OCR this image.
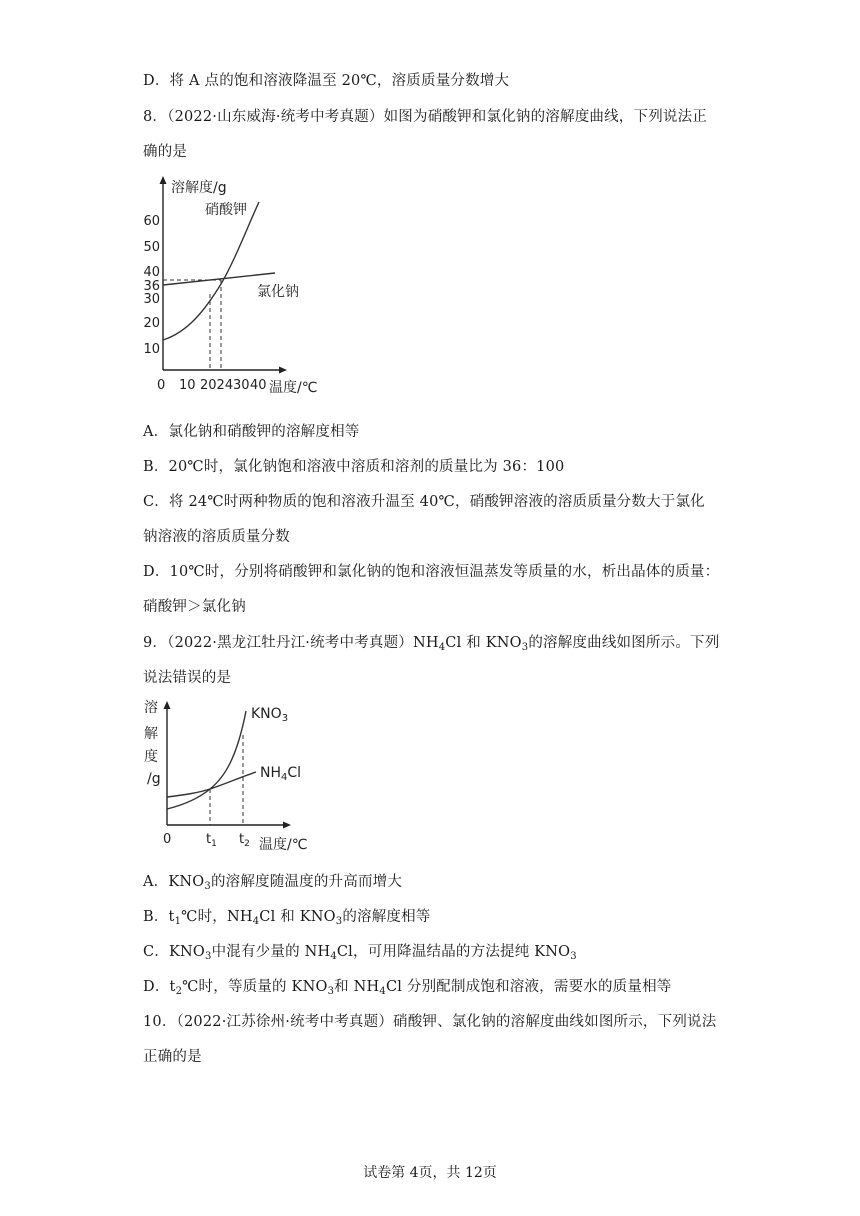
D．将 A 点的饱和溶液降温至 20℃，溶质质量分数增大
8．（2022·山东威海·统考中考真题）如图为硝酸钾和氯化钠的溶解度曲线，下列说法正
确的是
溶解度/g
温度/℃
10
20
30
36
40
50
60
0 10 2024 30 40
硝酸钾
氯化钠
A．氯化钠和硝酸钾的溶解度相等
B．20℃时，氯化钠饱和溶液中溶质和溶剂的质量比为 36：100
C．将 24℃时两种物质的饱和溶液升温至 40℃，硝酸钾溶液的溶质质量分数大于氯化
钠溶液的溶质质量分数
D．10℃时，分别将硝酸钾和氯化钠的饱和溶液恒温蒸发等质量的水，析出晶体的质量：
硝酸钾＞氯化钠
9．（2022·黑龙江牡丹江·统考中考真题）$NH_4Cl$ 和 $KNO_3$的溶解度曲线如图所示。下列
说法错误的是
溶
解
度
/g
$KNO_3$
$NH_4Cl$
0	$t_1$ $t_2$ 温度/℃
A．$KNO_3$的溶解度随温度的升高而增大
B．$t_1℃$时，$NH_4Cl$ 和 $KNO_3$的溶解度相等
C．$KNO_3$中混有少量的 $NH_4Cl$，可用降温结晶的方法提纯 $KNO_3$
D．$t_2℃$时，等质量的 $KNO_3$和 $NH_4Cl$ 分别配制成饱和溶液，需要水的质量相等
10．（2022·江苏徐州·统考中考真题）硝酸钾、氯化钠的溶解度曲线如图所示，下列说法
正确的是
试卷第 4页，共 12页
